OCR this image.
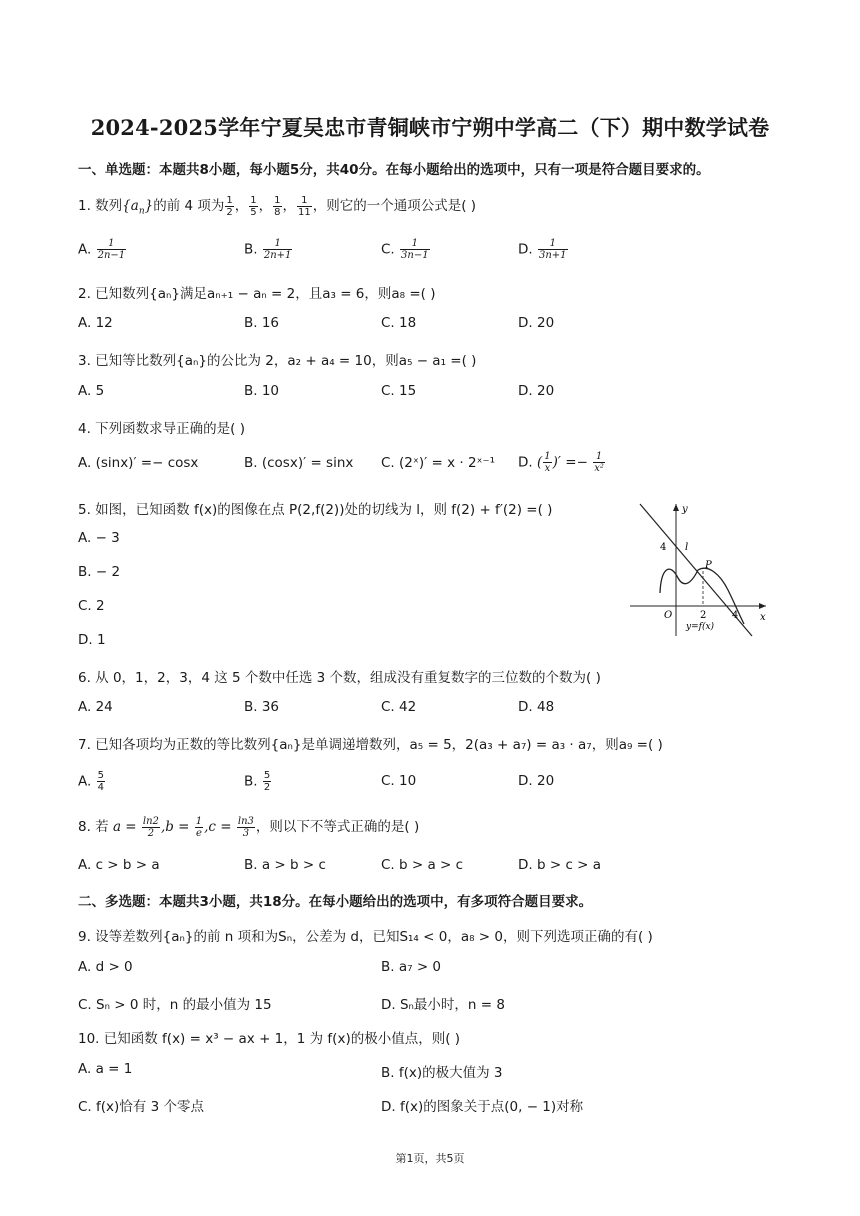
2024-2025学年宁夏吴忠市青铜峡市宁朔中学高二（下）期中数学试卷
一、单选题：本题共8小题，每小题5分，共40分。在每小题给出的选项中，只有一项是符合题目要求的。
1. 数列$\{a_n\}$的前 4 项为 $\frac{1}{2}$ ， $\frac{1}{5}$ ， $\frac{1}{8}$ ， $\frac{1}{11}$ ，则它的一个通项公式是( )
A. $\frac{1}{2n-1}$	B. $\frac{1}{2n+1}$	C. $\frac{1}{3n-1}$	D. $\frac{1}{3n+1}$
2. 已知数列{aₙ}满足aₙ₊₁ − aₙ = 2，且a₃ = 6，则a₈ =( )
A. 12	B. 16	C. 18	D. 20
3. 已知等比数列{aₙ}的公比为 2，a₂ + a₄ = 10，则a₅ − a₁ =( )
A. 5	B. 10	C. 15	D. 20
4. 下列函数求导正确的是( )
A. (sinx)′ =− cosx	B. (cosx)′ = sinx C. (2ˣ)′ = x · 2ˣ⁻¹ D. ( $\frac{1}{x}$ )′ =− $\frac{1}{\text{x²}}$
5. 如图，已知函数 f(x)的图像在点 P(2,f(2))处的切线为 l，则 f(2) + f′(2) =( )
A. − 3
B. − 2
C. 2
D. 1
y
x
O
4 l
P
2	4
y=f(x)
6. 从 0，1，2，3，4 这 5 个数中任选 3 个数，组成没有重复数字的三位数的个数为( )
A. 24	B. 36	C. 42	D. 48
7. 已知各项均为正数的等比数列{aₙ}是单调递增数列，a₅ = 5，2(a₃ + a₇) = a₃ · a₇，则a₉ =( )
A. $\frac{5}{4}$	B. $\frac{5}{2}$	C. 10	D. 20
8. 若 $a = \frac{\ln 2}{2} ,b = \frac{1}{e} ,c = \frac{\ln 3}{3}$ ，则以下不等式正确的是( )
A. c > b > a	B. a > b > c	C. b > a > c	D. b > c > a
二、多选题：本题共3小题，共18分。在每小题给出的选项中，有多项符合题目要求。
9. 设等差数列{aₙ}的前 n 项和为Sₙ，公差为 d，已知S₁₄ < 0，a₈ > 0，则下列选项正确的有( )
A. d > 0	B. a₇ > 0
C. Sₙ > 0 时，n 的最小值为 15	D. Sₙ最小时，n = 8
10. 已知函数 f(x) = x³ − ax + 1，1 为 f(x)的极小值点，则( )
A. a = 1	B. f(x)的极大值为 3
C. f(x)恰有 3 个零点	D. f(x)的图象关于点(0, − 1)对称
第1页，共5页
